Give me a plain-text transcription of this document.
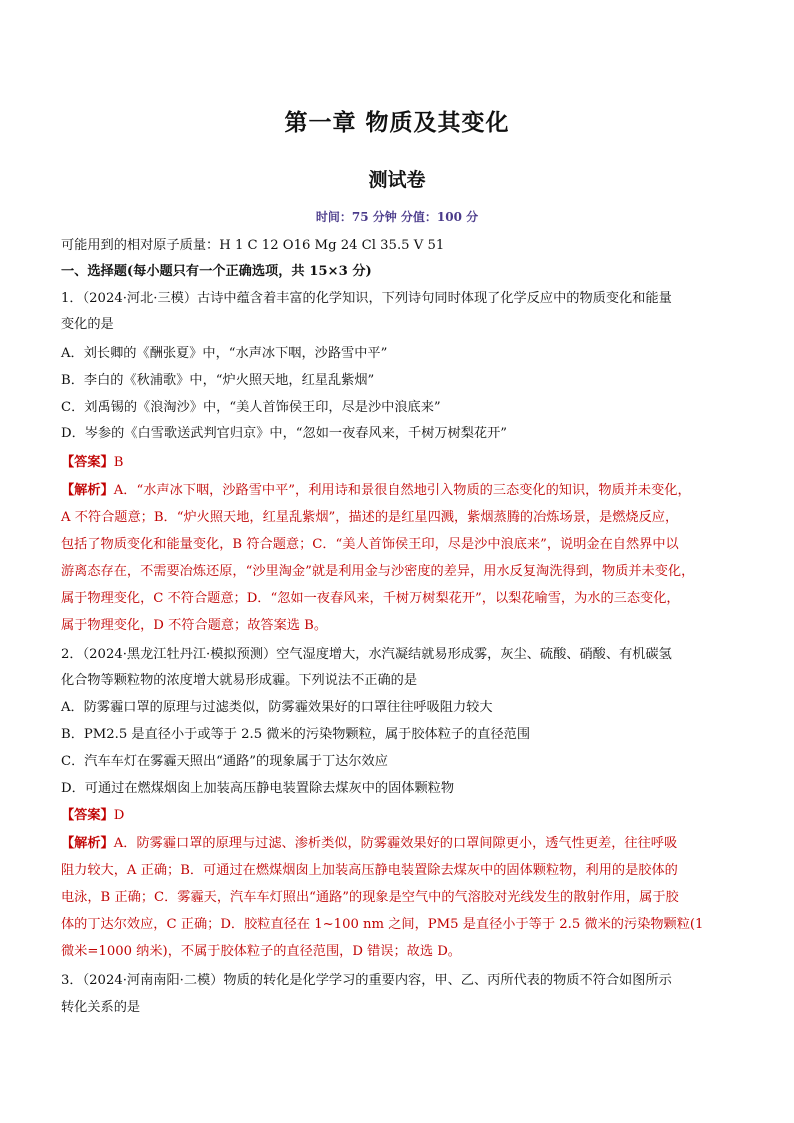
第一章 物质及其变化
测试卷
时间：75 分钟 分值：100 分
可能用到的相对原子质量：H 1 C 12 O16 Mg 24 Cl 35.5 V 51
一、选择题(每小题只有一个正确选项，共 15×3 分)
1．（2024·河北·三模）古诗中蕴含着丰富的化学知识，下列诗句同时体现了化学反应中的物质变化和能量
变化的是
A．刘长卿的《酬张夏》中，“水声冰下咽，沙路雪中平”
B．李白的《秋浦歌》中，“炉火照天地，红星乱紫烟”
C．刘禹锡的《浪淘沙》中，“美人首饰侯王印，尽是沙中浪底来”
D．岑参的《白雪歌送武判官归京》中，“忽如一夜春风来，千树万树梨花开”
【答案】B
【解析】A．“水声冰下咽，沙路雪中平”，利用诗和景很自然地引入物质的三态变化的知识，物质并未变化，
A 不符合题意；B．“炉火照天地，红星乱紫烟”，描述的是红星四溅，紫烟蒸腾的冶炼场景，是燃烧反应，
包括了物质变化和能量变化，B 符合题意；C．“美人首饰侯王印，尽是沙中浪底来”，说明金在自然界中以
游离态存在，不需要冶炼还原，“沙里淘金”就是利用金与沙密度的差异，用水反复淘洗得到，物质并未变化，
属于物理变化，C 不符合题意；D．“忽如一夜春风来，千树万树梨花开”，以梨花喻雪，为水的三态变化，
属于物理变化，D 不符合题意；故答案选 B。
2．（2024·黑龙江牡丹江·模拟预测）空气湿度增大，水汽凝结就易形成雾，灰尘、硫酸、硝酸、有机碳氢
化合物等颗粒物的浓度增大就易形成霾。下列说法不正确的是
A．防雾霾口罩的原理与过滤类似，防雾霾效果好的口罩往往呼吸阻力较大
B．PM2.5 是直径小于或等于 2.5 微米的污染物颗粒，属于胶体粒子的直径范围
C．汽车车灯在雾霾天照出“通路”的现象属于丁达尔效应
D．可通过在燃煤烟囱上加装高压静电装置除去煤灰中的固体颗粒物
【答案】D
【解析】A．防雾霾口罩的原理与过滤、渗析类似，防雾霾效果好的口罩间隙更小，透气性更差，往往呼吸
阻力较大，A 正确；B．可通过在燃煤烟囱上加装高压静电装置除去煤灰中的固体颗粒物，利用的是胶体的
电泳，B 正确；C．雾霾天，汽车车灯照出“通路”的现象是空气中的气溶胶对光线发生的散射作用，属于胶
体的丁达尔效应，C 正确；D．胶粒直径在 1~100 nm 之间，PM5 是直径小于等于 2.5 微米的污染物颗粒(1
微米=1000 纳米)，不属于胶体粒子的直径范围，D 错误；故选 D。
3．（2024·河南南阳·二模）物质的转化是化学学习的重要内容，甲、乙、丙所代表的物质不符合如图所示
转化关系的是
